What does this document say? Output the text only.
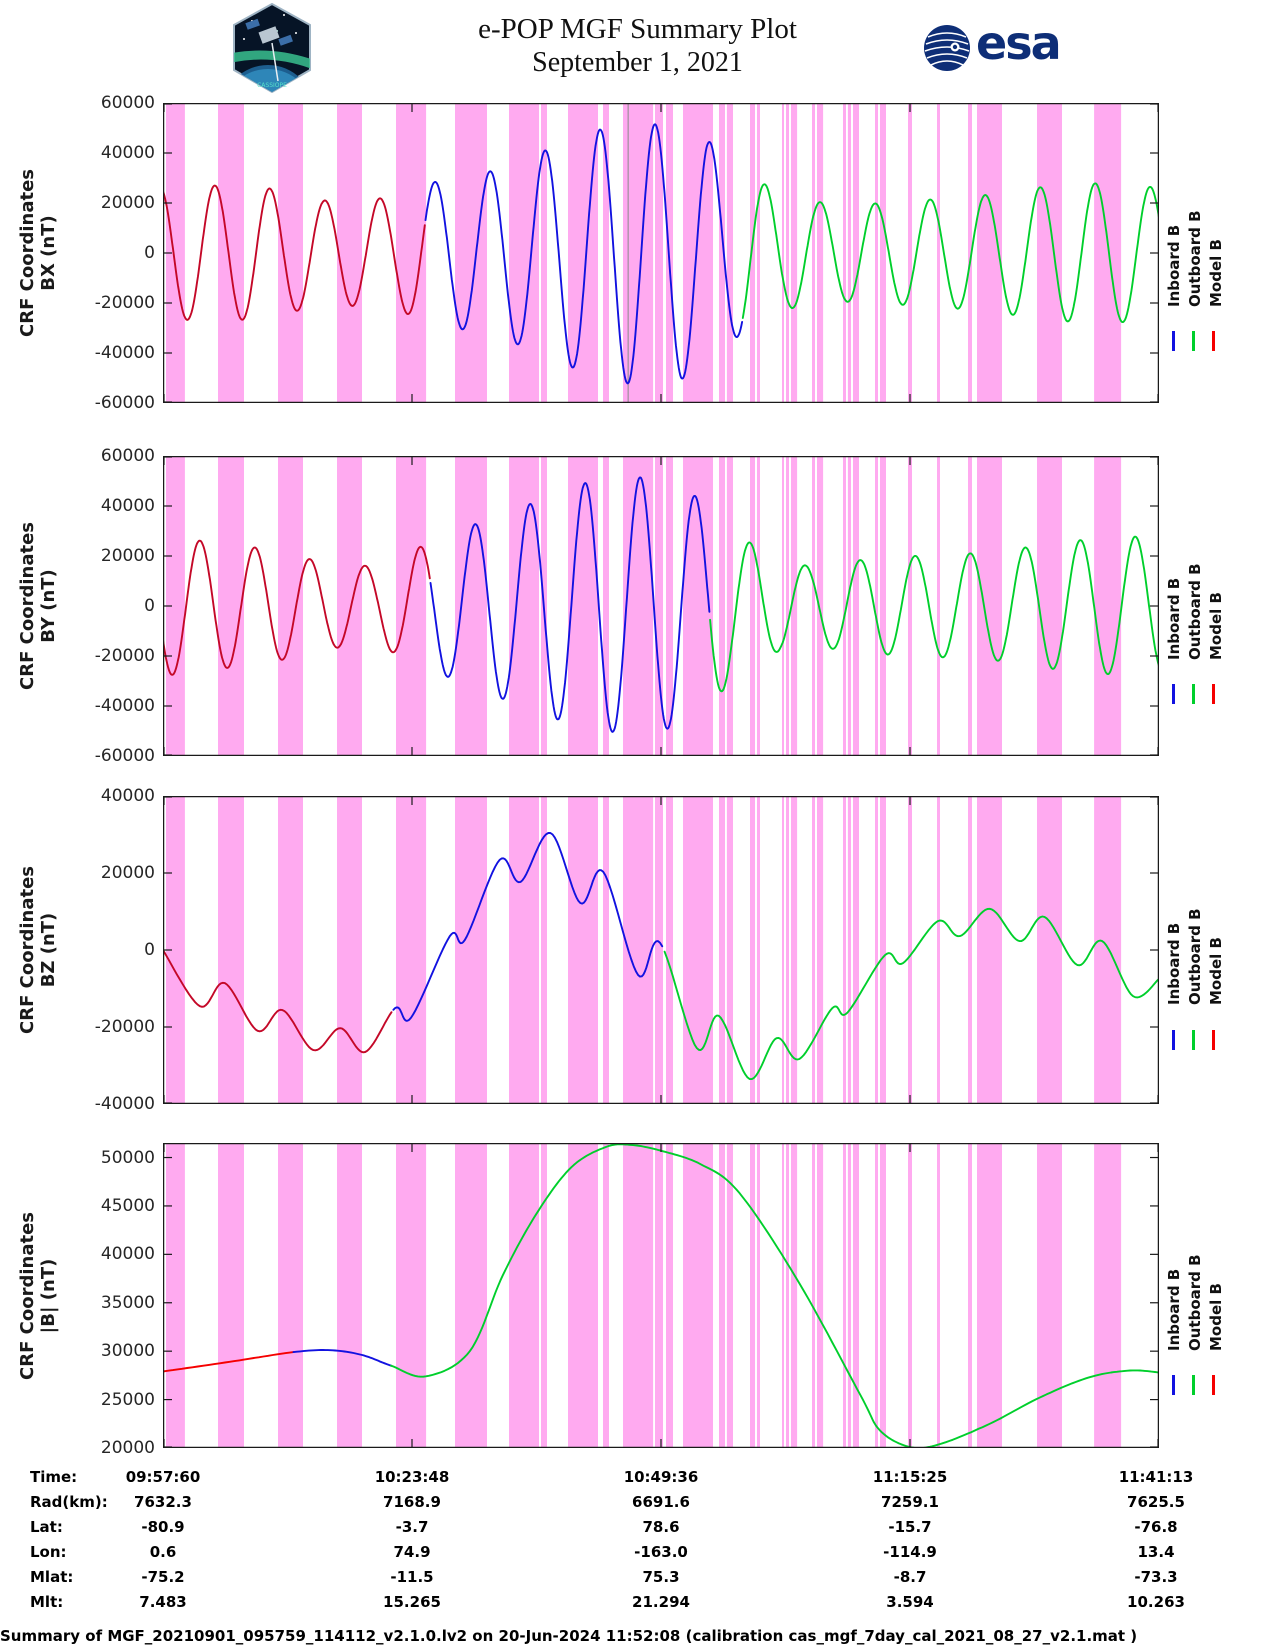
CASSIOPE
e-POP MGF Summary Plot
September 1, 2021	esa
Summary of MGF_20210901_095759_114112_v2.1.0.lv2 on 20-Jun-2024 11:52:08 (calibration cas_mgf_7day_cal_2021_08_27_v2.1.mat )
60000
40000
20000
0
-20000
-40000
-60000
CRF Coordinates BX (nT)	Inboard B Outboard B Model B
60000
40000
20000
0
-20000
-40000
-60000
CRF Coordinates BY (nT)	Inboard B Outboard B Model B
40000
20000
0
-20000
-40000
CRF Coordinates BZ (nT)	Inboard B Outboard B Model B
50000
45000
40000
35000
30000
25000
20000
CRF Coordinates |B| (nT)	Inboard B Outboard B Model B
Time:	09:57:60	10:23:48	10:49:36	11:15:25	11:41:13
Rad(km): 7632.3	7168.9	6691.6	7259.1	7625.5
Lat:	-80.9	-3.7	78.6	-15.7	-76.8
Lon:	0.6	74.9	-163.0	-114.9	13.4
Mlat:	-75.2	-11.5	75.3	-8.7	-73.3
Mlt:	7.483	15.265	21.294	3.594	10.263
